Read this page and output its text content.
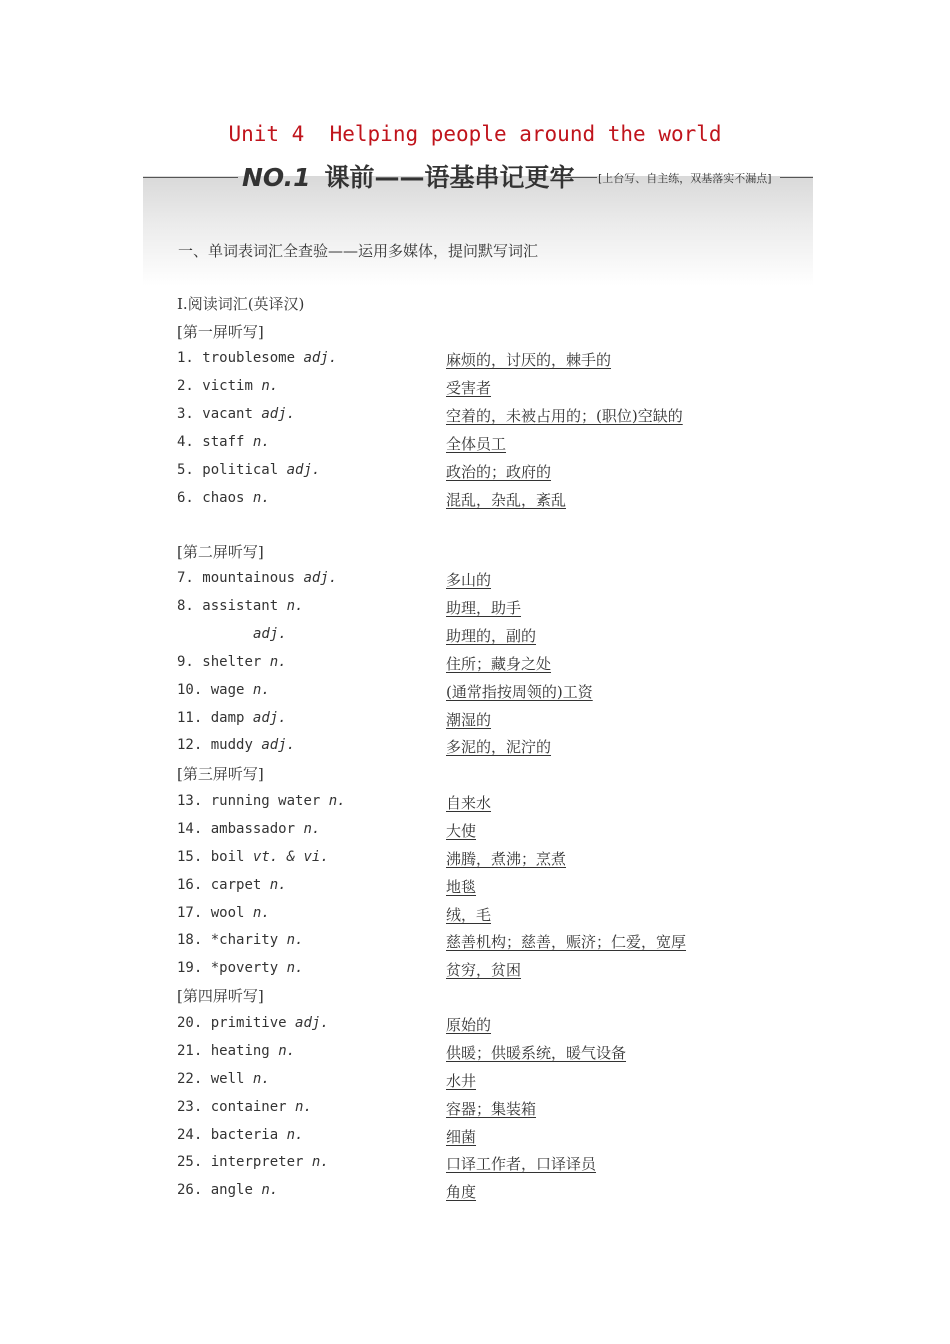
Unit 4  Helping people around the world
NO.1 课前——语基串记更牢 [上台写、自主练，双基落实不漏点]
一、单词表词汇全查验——运用多媒体，提问默写词汇
Ⅰ.阅读词汇(英译汉)
[第一屏听写]
[第二屏听写]
[第三屏听写]
[第四屏听写]
1. troublesome adj.	麻烦的，讨厌的，棘手的
2. victim n.	受害者
3. vacant adj.	空着的，未被占用的；(职位)空缺的
4. staff n.	全体员工
5. political adj.	政治的；政府的
6. chaos n.	混乱，杂乱，紊乱
7. mountainous adj.	多山的
8. assistant n.	助理，助手
adj.	助理的，副的
9. shelter n.	住所；藏身之处
10. wage n.	(通常指按周领的)工资
11. damp adj.	潮湿的
12. muddy adj.	多泥的，泥泞的
13. running water n.	自来水
14. ambassador n.	大使
15. boil vt. & vi.	沸腾，煮沸；烹煮
16. carpet n.	地毯
17. wool n.	绒，毛
18. *charity n.	慈善机构；慈善，赈济；仁爱，宽厚
19. *poverty n.	贫穷，贫困
20. primitive adj.	原始的
21. heating n.	供暖；供暖系统，暖气设备
22. well n.	水井
23. container n.	容器；集装箱
24. bacteria n.	细菌
25. interpreter n.	口译工作者，口译译员
26. angle n.	角度
